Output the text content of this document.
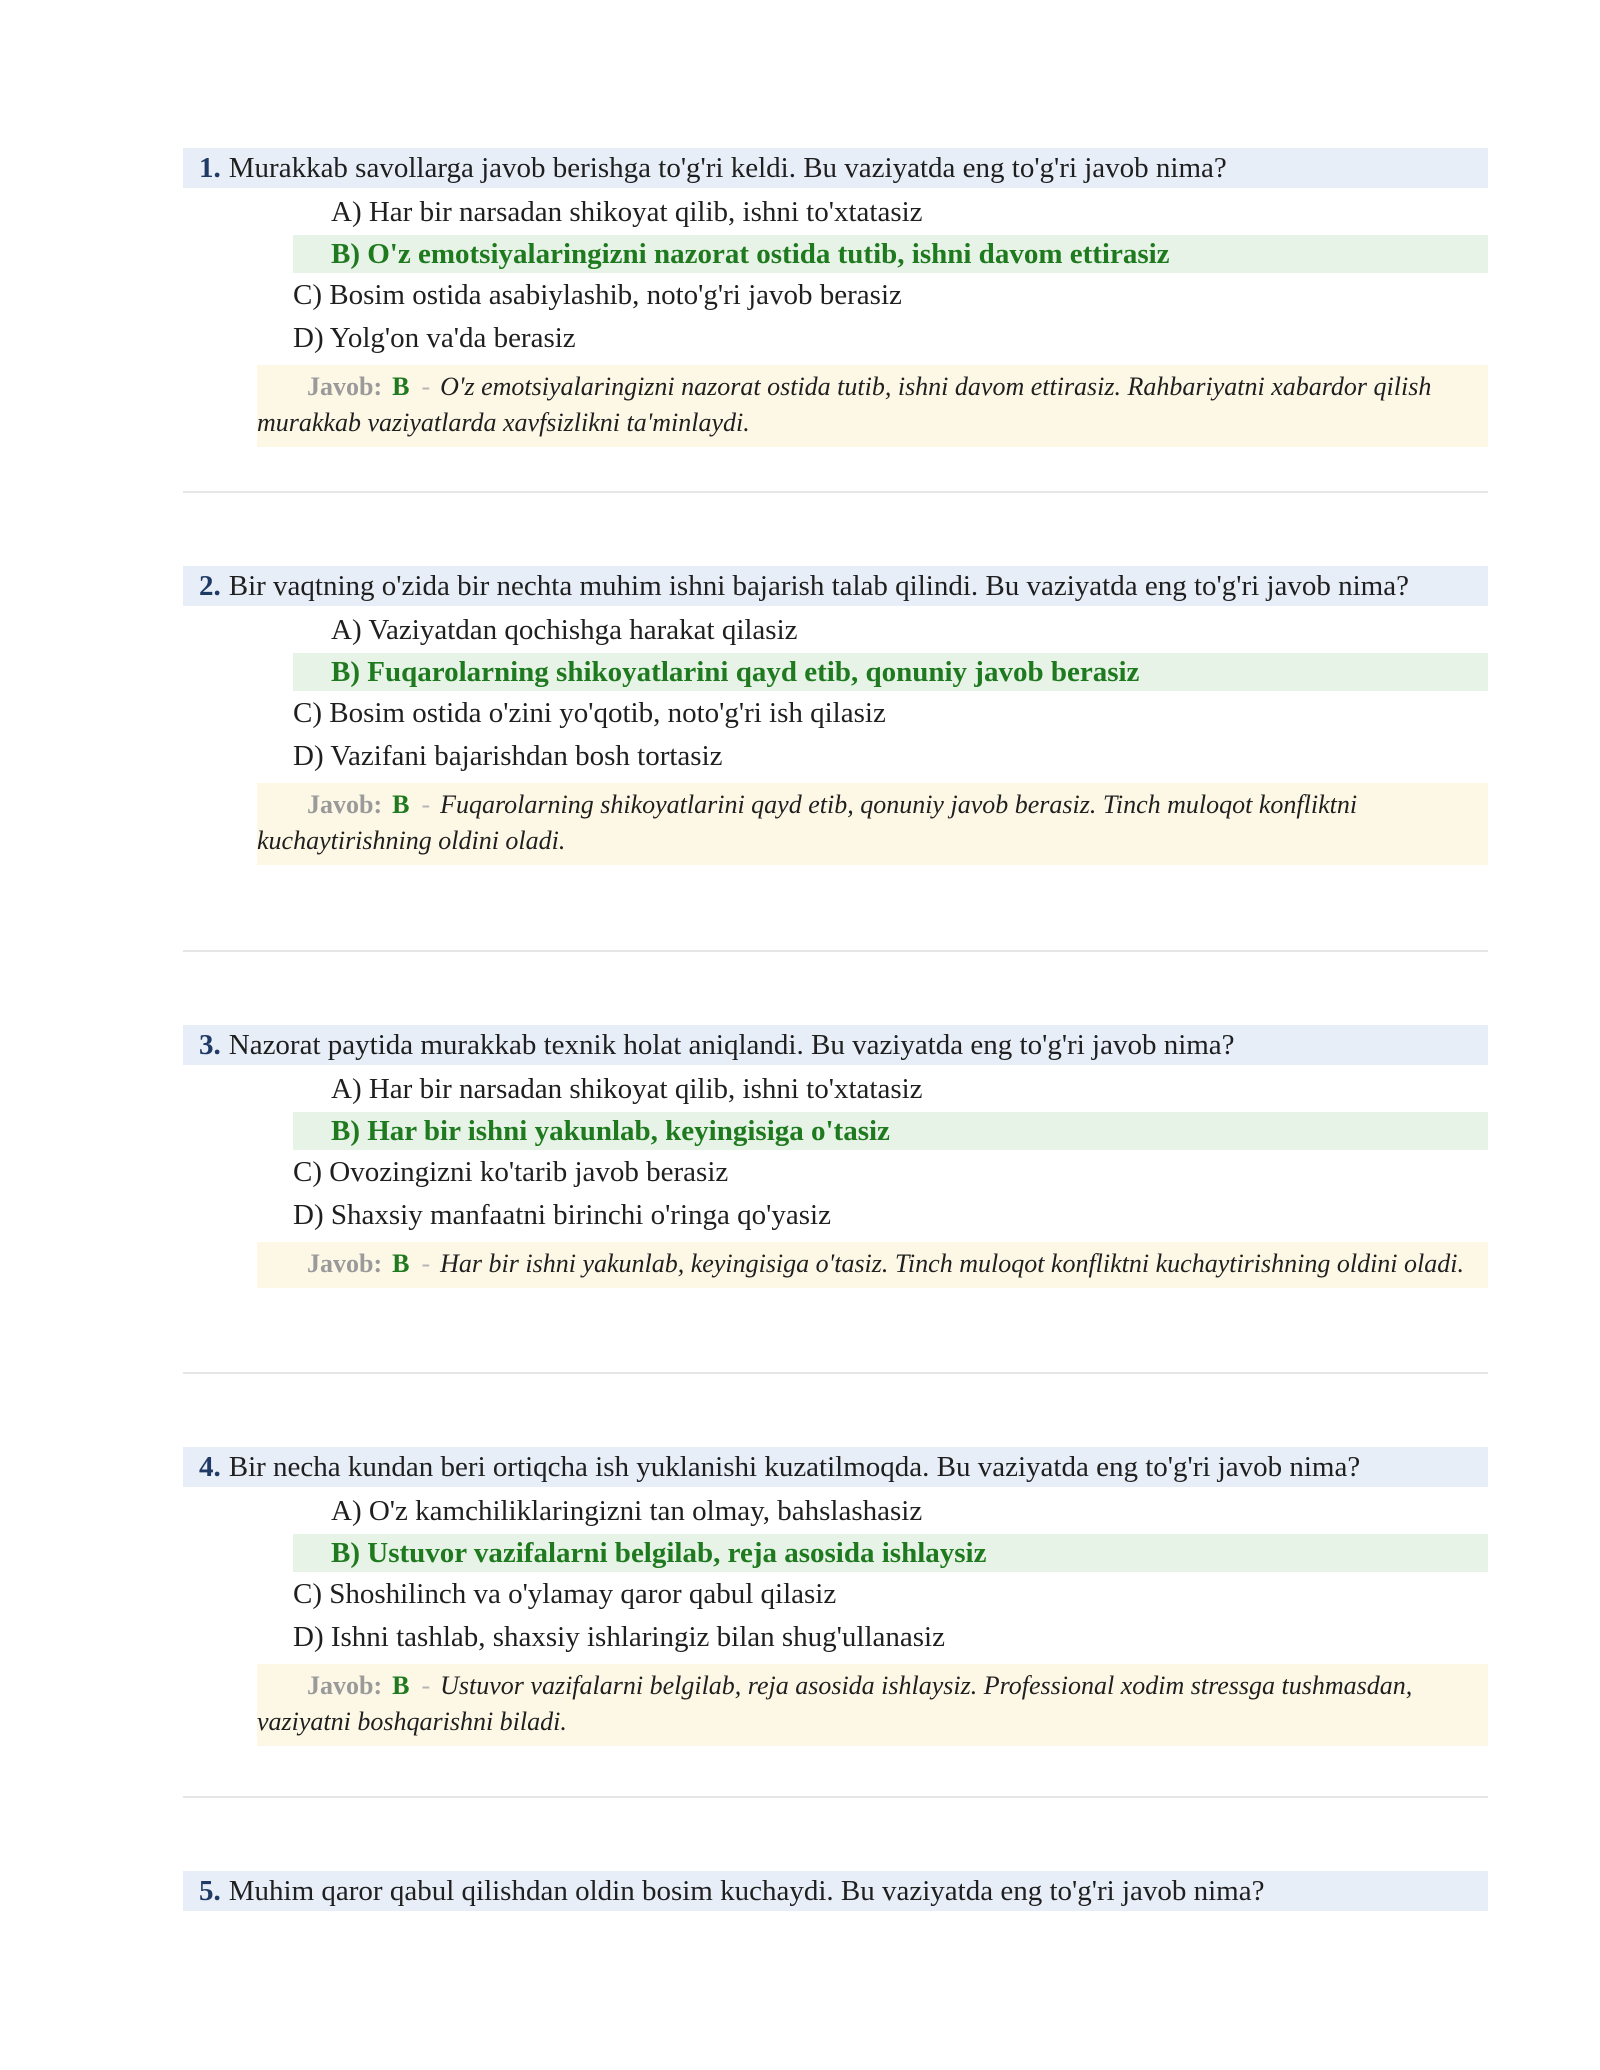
1. Murakkab savollarga javob berishga to'g'ri keldi. Bu vaziyatda eng to'g'ri javob nima?
A) Har bir narsadan shikoyat qilib, ishni to'xtatasiz
B) O'z emotsiyalaringizni nazorat ostida tutib, ishni davom ettirasiz
C) Bosim ostida asabiylashib, noto'g'ri javob berasiz
D) Yolg'on va'da berasiz
Javob: B - O'z emotsiyalaringizni nazorat ostida tutib, ishni davom ettirasiz. Rahbariyatni xabardor qilish murakkab vaziyatlarda xavfsizlikni ta'minlaydi.
2. Bir vaqtning o'zida bir nechta muhim ishni bajarish talab qilindi. Bu vaziyatda eng to'g'ri javob nima?
A) Vaziyatdan qochishga harakat qilasiz
B) Fuqarolarning shikoyatlarini qayd etib, qonuniy javob berasiz
C) Bosim ostida o'zini yo'qotib, noto'g'ri ish qilasiz
D) Vazifani bajarishdan bosh tortasiz
Javob: B - Fuqarolarning shikoyatlarini qayd etib, qonuniy javob berasiz. Tinch muloqot konfliktni kuchaytirishning oldini oladi.
3. Nazorat paytida murakkab texnik holat aniqlandi. Bu vaziyatda eng to'g'ri javob nima?
A) Har bir narsadan shikoyat qilib, ishni to'xtatasiz
B) Har bir ishni yakunlab, keyingisiga o'tasiz
C) Ovozingizni ko'tarib javob berasiz
D) Shaxsiy manfaatni birinchi o'ringa qo'yasiz
Javob: B - Har bir ishni yakunlab, keyingisiga o'tasiz. Tinch muloqot konfliktni kuchaytirishning oldini oladi.
4. Bir necha kundan beri ortiqcha ish yuklanishi kuzatilmoqda. Bu vaziyatda eng to'g'ri javob nima?
A) O'z kamchiliklaringizni tan olmay, bahslashasiz
B) Ustuvor vazifalarni belgilab, reja asosida ishlaysiz
C) Shoshilinch va o'ylamay qaror qabul qilasiz
D) Ishni tashlab, shaxsiy ishlaringiz bilan shug'ullanasiz
Javob: B - Ustuvor vazifalarni belgilab, reja asosida ishlaysiz. Professional xodim stressga tushmasdan, vaziyatni boshqarishni biladi.
5. Muhim qaror qabul qilishdan oldin bosim kuchaydi. Bu vaziyatda eng to'g'ri javob nima?
